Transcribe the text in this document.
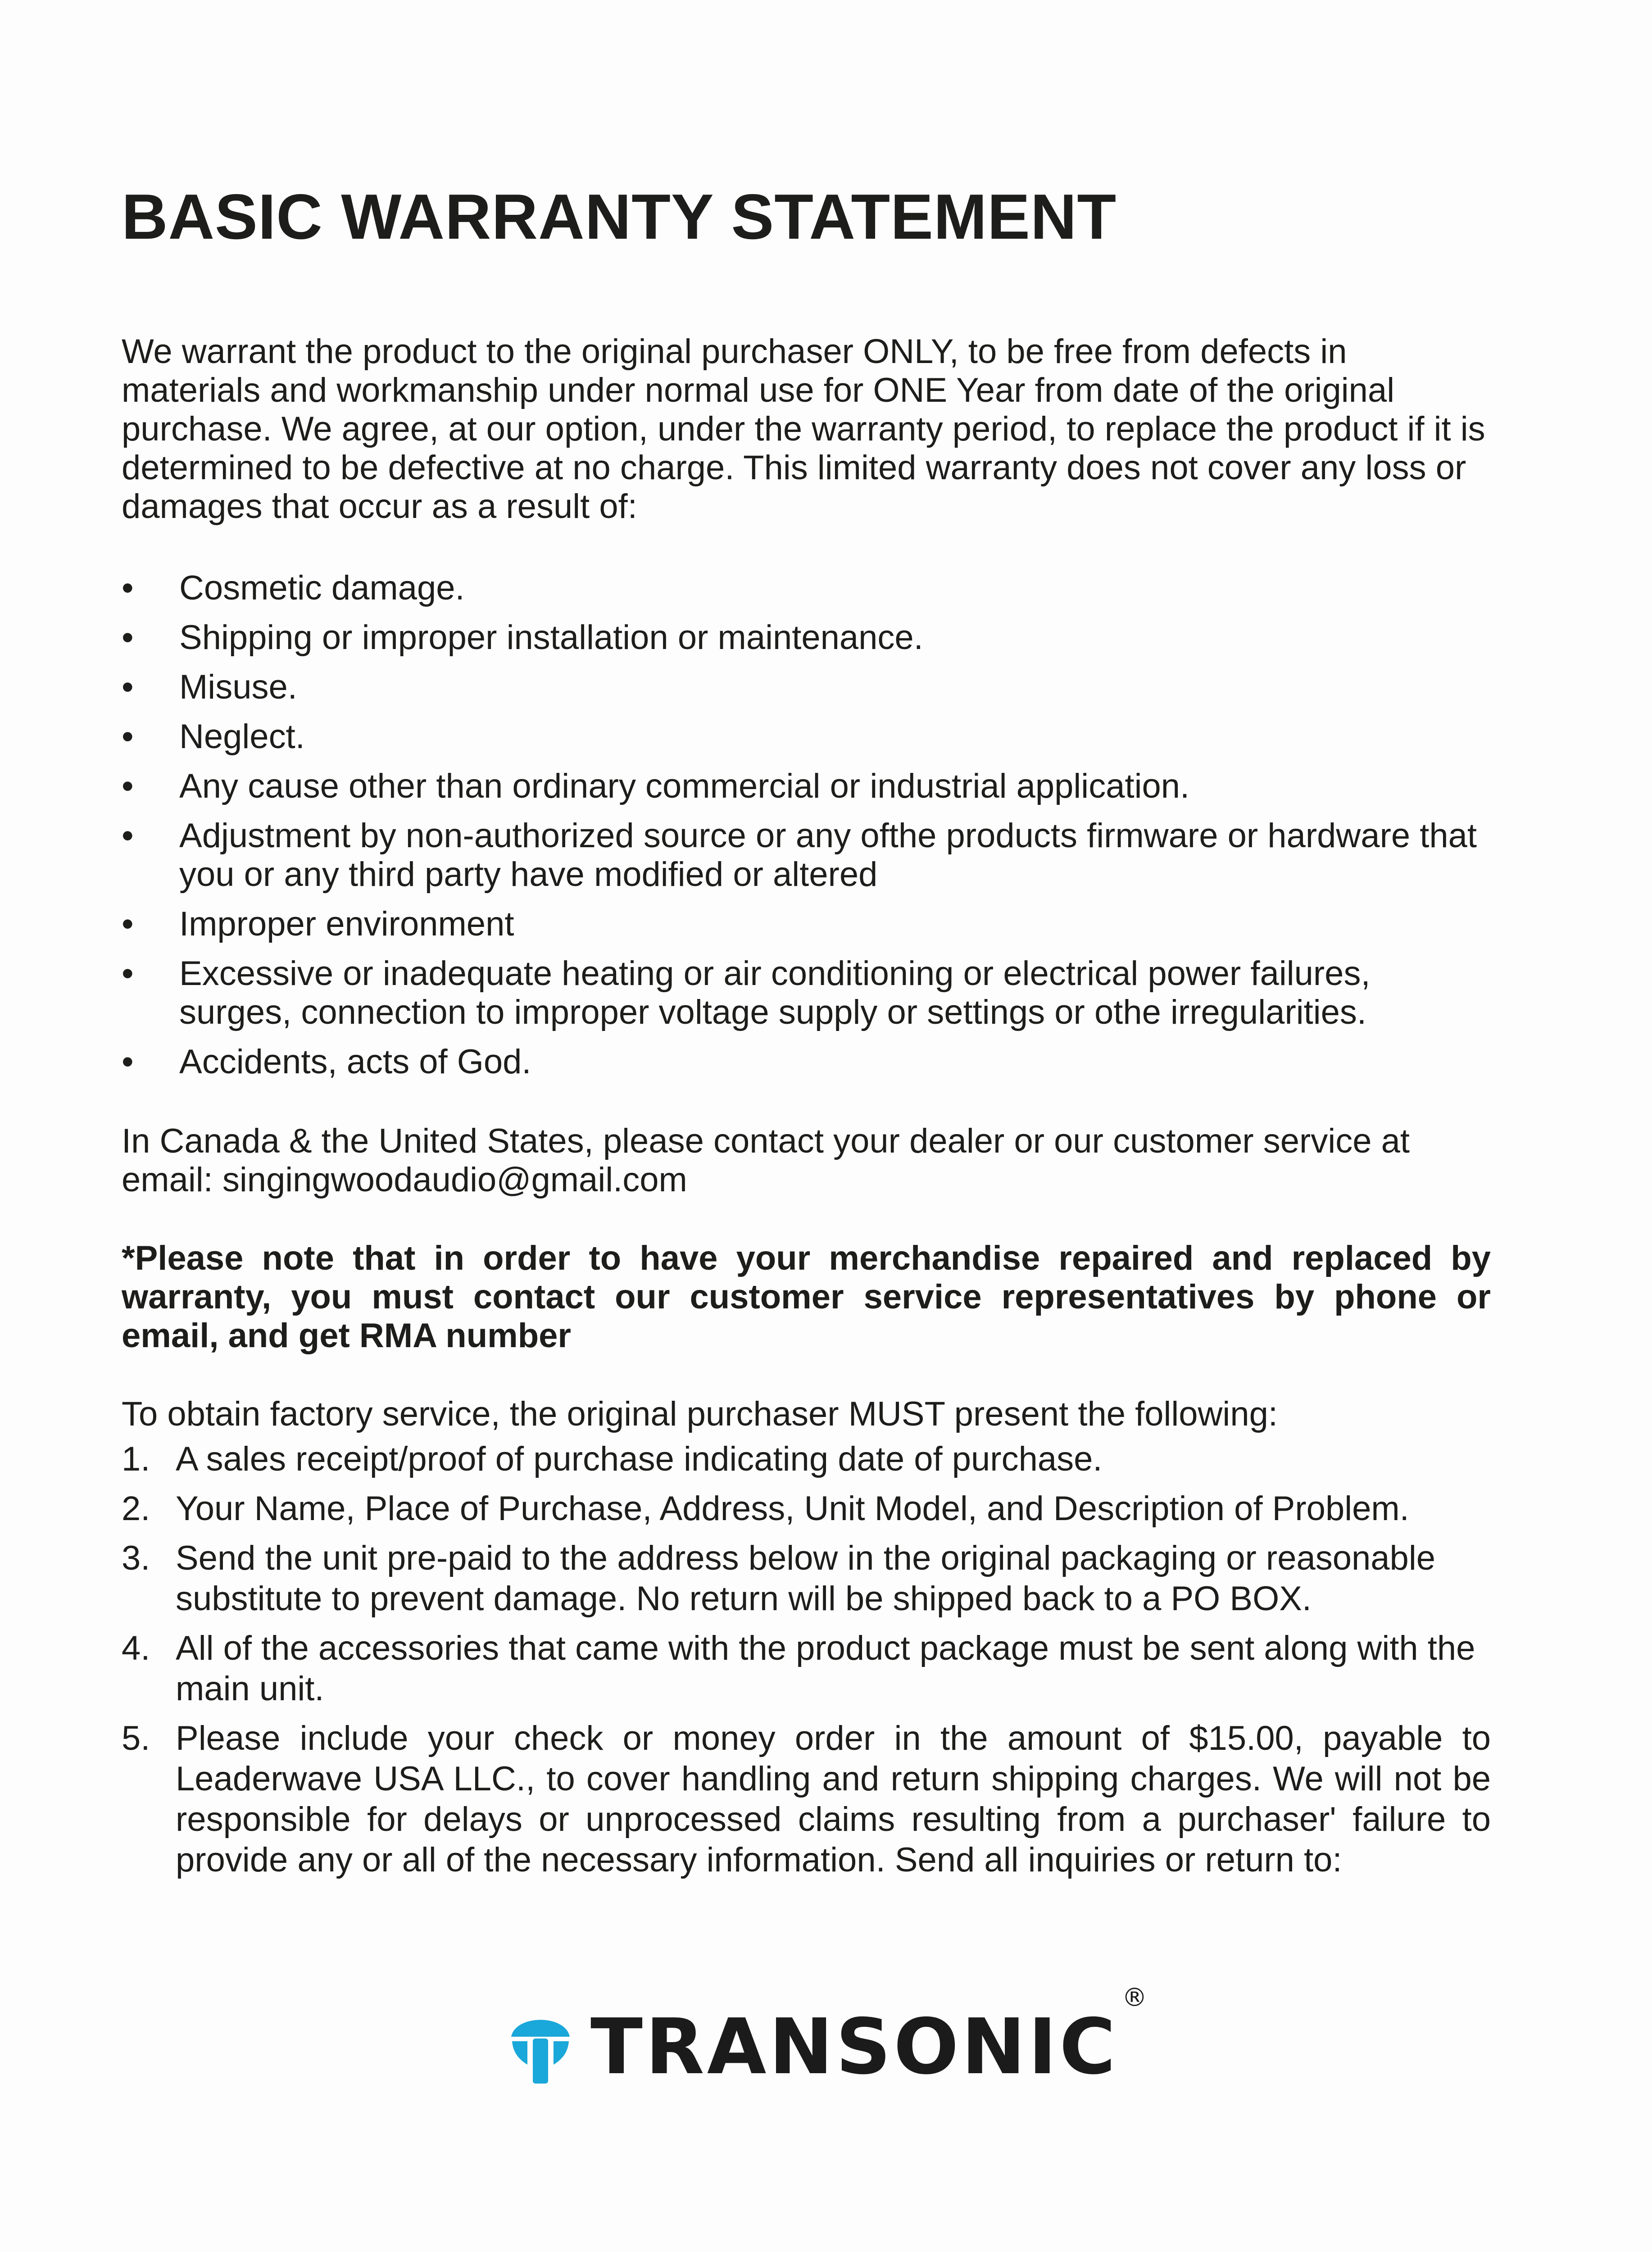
BASIC WARRANTY STATEMENT

We warrant the product to the original purchaser ONLY, to be free from defects in materials and workmanship under normal use for ONE Year from date of the original purchase. We agree, at our option, under the warranty period, to replace the product if it is determined to be defective at no charge. This limited warranty does not cover any loss or damages that occur as a result of:

•	Cosmetic damage.
•	Shipping or improper installation or maintenance.
•	Misuse.
•	Neglect.
•	Any cause other than ordinary commercial or industrial application.
•	Adjustment by non-authorized source or any ofthe products firmware or hardware that you or any third party have modified or altered
•	Improper environment
•	Excessive or inadequate heating or air conditioning or electrical power failures, surges, connection to improper voltage supply or settings or othe irregularities.
•	Accidents, acts of God.

In Canada & the United States, please contact your dealer or our customer service at email: singingwoodaudio@gmail.com

*Please note that in order to have your merchandise repaired and replaced by warranty, you must contact our customer service representatives by phone or email, and get RMA number

To obtain factory service, the original purchaser MUST present the following:

1. A sales receipt/proof of purchase indicating date of purchase.
2. Your Name, Place of Purchase, Address, Unit Model, and Description of Problem.
3. Send the unit pre-paid to the address below in the original packaging or reasonable substitute to prevent damage. No return will be shipped back to a PO BOX.
4. All of the accessories that came with the product package must be sent along with the main unit.
5. Please include your check or money order in the amount of $15.00, payable to Leaderwave USA LLC., to cover handling and return shipping charges. We will not be responsible for delays or unprocessed claims resulting from a purchaser' failure to provide any or all of the necessary information. Send all inquiries or return to:
TRANSONIC®
